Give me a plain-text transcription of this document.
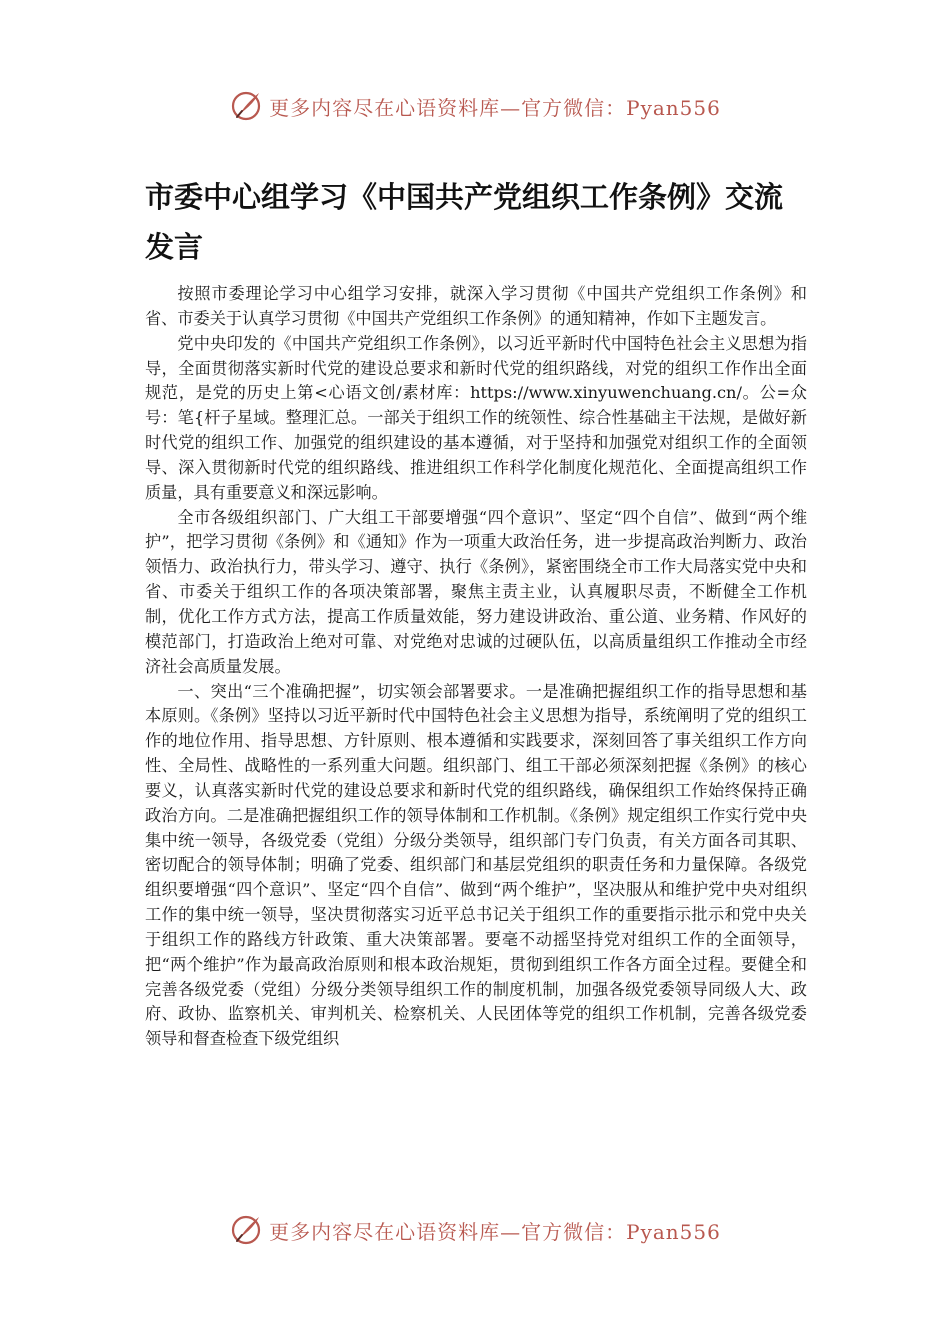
更多内容尽在心语资料库—官方微信：Pyan556
市委中心组学习《中国共产党组织工作条例》交流发言

按照市委理论学习中心组学习安排，就深入学习贯彻《中国共产党组织工作条例》和省、市委关于认真学习贯彻《中国共产党组织工作条例》的通知精神，作如下主题发言。

党中央印发的《中国共产党组织工作条例》，以习近平新时代中国特色社会主义思想为指导，全面贯彻落实新时代党的建设总要求和新时代党的组织路线，对党的组织工作作出全面规范，是党的历史上第<心语文创/素材库：https://www.xinyuwenchuang.cn/。公=众号：笔{杆子星域。整理汇总。一部关于组织工作的统领性、综合性基础主干法规，是做好新时代党的组织工作、加强党的组织建设的基本遵循，对于坚持和加强党对组织工作的全面领导、深入贯彻新时代党的组织路线、推进组织工作科学化制度化规范化、全面提高组织工作质量，具有重要意义和深远影响。

全市各级组织部门、广大组工干部要增强“四个意识”、坚定“四个自信”、做到“两个维护”，把学习贯彻《条例》和《通知》作为一项重大政治任务，进一步提高政治判断力、政治领悟力、政治执行力，带头学习、遵守、执行《条例》，紧密围绕全市工作大局落实党中央和省、市委关于组织工作的各项决策部署，聚焦主责主业，认真履职尽责，不断健全工作机制，优化工作方式方法，提高工作质量效能，努力建设讲政治、重公道、业务精、作风好的模范部门，打造政治上绝对可靠、对党绝对忠诚的过硬队伍，以高质量组织工作推动全市经济社会高质量发展。

一、突出“三个准确把握”，切实领会部署要求。一是准确把握组织工作的指导思想和基本原则。《条例》坚持以习近平新时代中国特色社会主义思想为指导，系统阐明了党的组织工作的地位作用、指导思想、方针原则、根本遵循和实践要求，深刻回答了事关组织工作方向性、全局性、战略性的一系列重大问题。组织部门、组工干部必须深刻把握《条例》的核心要义，认真落实新时代党的建设总要求和新时代党的组织路线，确保组织工作始终保持正确政治方向。二是准确把握组织工作的领导体制和工作机制。《条例》规定组织工作实行党中央集中统一领导，各级党委（党组）分级分类领导，组织部门专门负责，有关方面各司其职、密切配合的领导体制；明确了党委、组织部门和基层党组织的职责任务和力量保障。各级党组织要增强“四个意识”、坚定“四个自信”、做到“两个维护”，坚决服从和维护党中央对组织工作的集中统一领导，坚决贯彻落实习近平总书记关于组织工作的重要指示批示和党中央关于组织工作的路线方针政策、重大决策部署。要毫不动摇坚持党对组织工作的全面领导，把“两个维护”作为最高政治原则和根本政治规矩，贯彻到组织工作各方面全过程。要健全和完善各级党委（党组）分级分类领导组织工作的制度机制，加强各级党委领导同级人大、政府、政协、监察机关、审判机关、检察机关、人民团体等党的组织工作机制，完善各级党委领导和督查检查下级党组织

更多内容尽在心语资料库—官方微信：Pyan556
